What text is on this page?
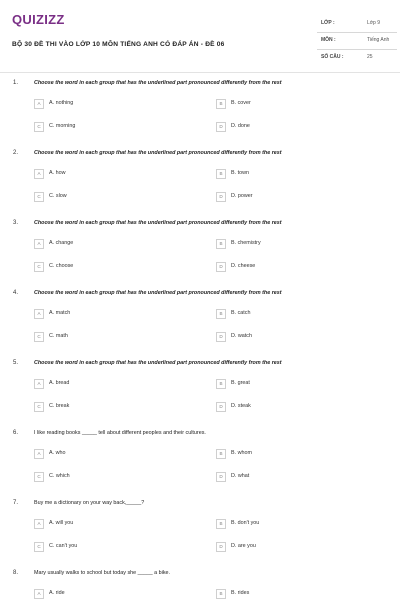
QUIZIZZ
BỘ 30 ĐỀ THI VÀO LỚP 10 MÔN TIẾNG ANH CÓ ĐÁP ÁN - ĐỀ 06
LỚP :	Lớp 9
MÔN :	Tiếng Anh
SỐ CÂU :	25
1.	Choose the word in each group that has the underlined part pronounced differently from the rest
A	A. nothing	B	B. cover
C	C. morning	D	D. done
2.	Choose the word in each group that has the underlined part pronounced differently from the rest
A	A. how	B	B. town
C	C. slow	D	D. power
3.	Choose the word in each group that has the underlined part pronounced differently from the rest
A	A. change	B	B. chemistry
C	C. choose	D	D. cheese
4.	Choose the word in each group that has the underlined part pronounced differently from the rest
A	A. match	B	B. catch
C	C. math	D	D. watch
5.	Choose the word in each group that has the underlined part pronounced differently from the rest
A	A. bread	B	B. great
C	C. break	D	D. steak
6.	I like reading books _____ tell about different peoples and their cultures.
A	A. who	B	B. whom
C	C. which	D	D. what
7.	Buy me a dictionary on your way back,_____?
A	A. will you	B	B. don't you
C	C. can't you	D	D. are you
8.	Mary usually walks to school but today she _____ a bike.
A	A. ride	B	B. rides
